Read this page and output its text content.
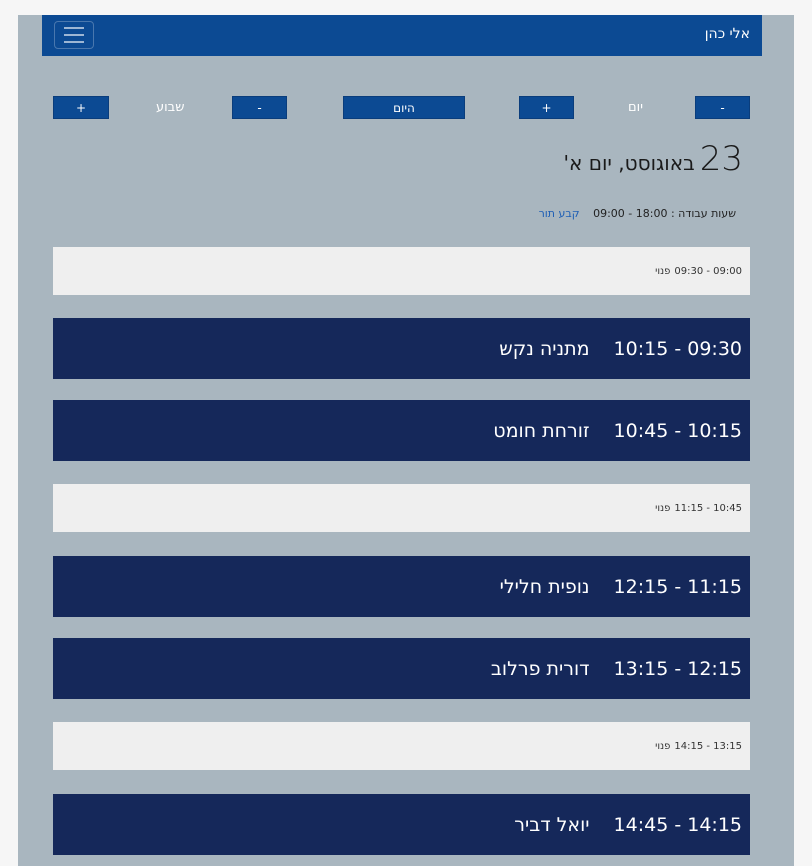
אלי כהן
-
יום
+
היום
-
שבוע
+
23 באוגוסט, יום א'
שעות עבודה : 18:00 - 09:00 קבע תור
09:00 - 09:30
פנוי
09:30 - 10:15
מתניה נקש
10:15 - 10:45
זורחת חומט
10:45 - 11:15
פנוי
11:15 - 12:15
נופית חלילי
12:15 - 13:15
דורית פרלוב
13:15 - 14:15
פנוי
14:15 - 14:45
יואל דביר
